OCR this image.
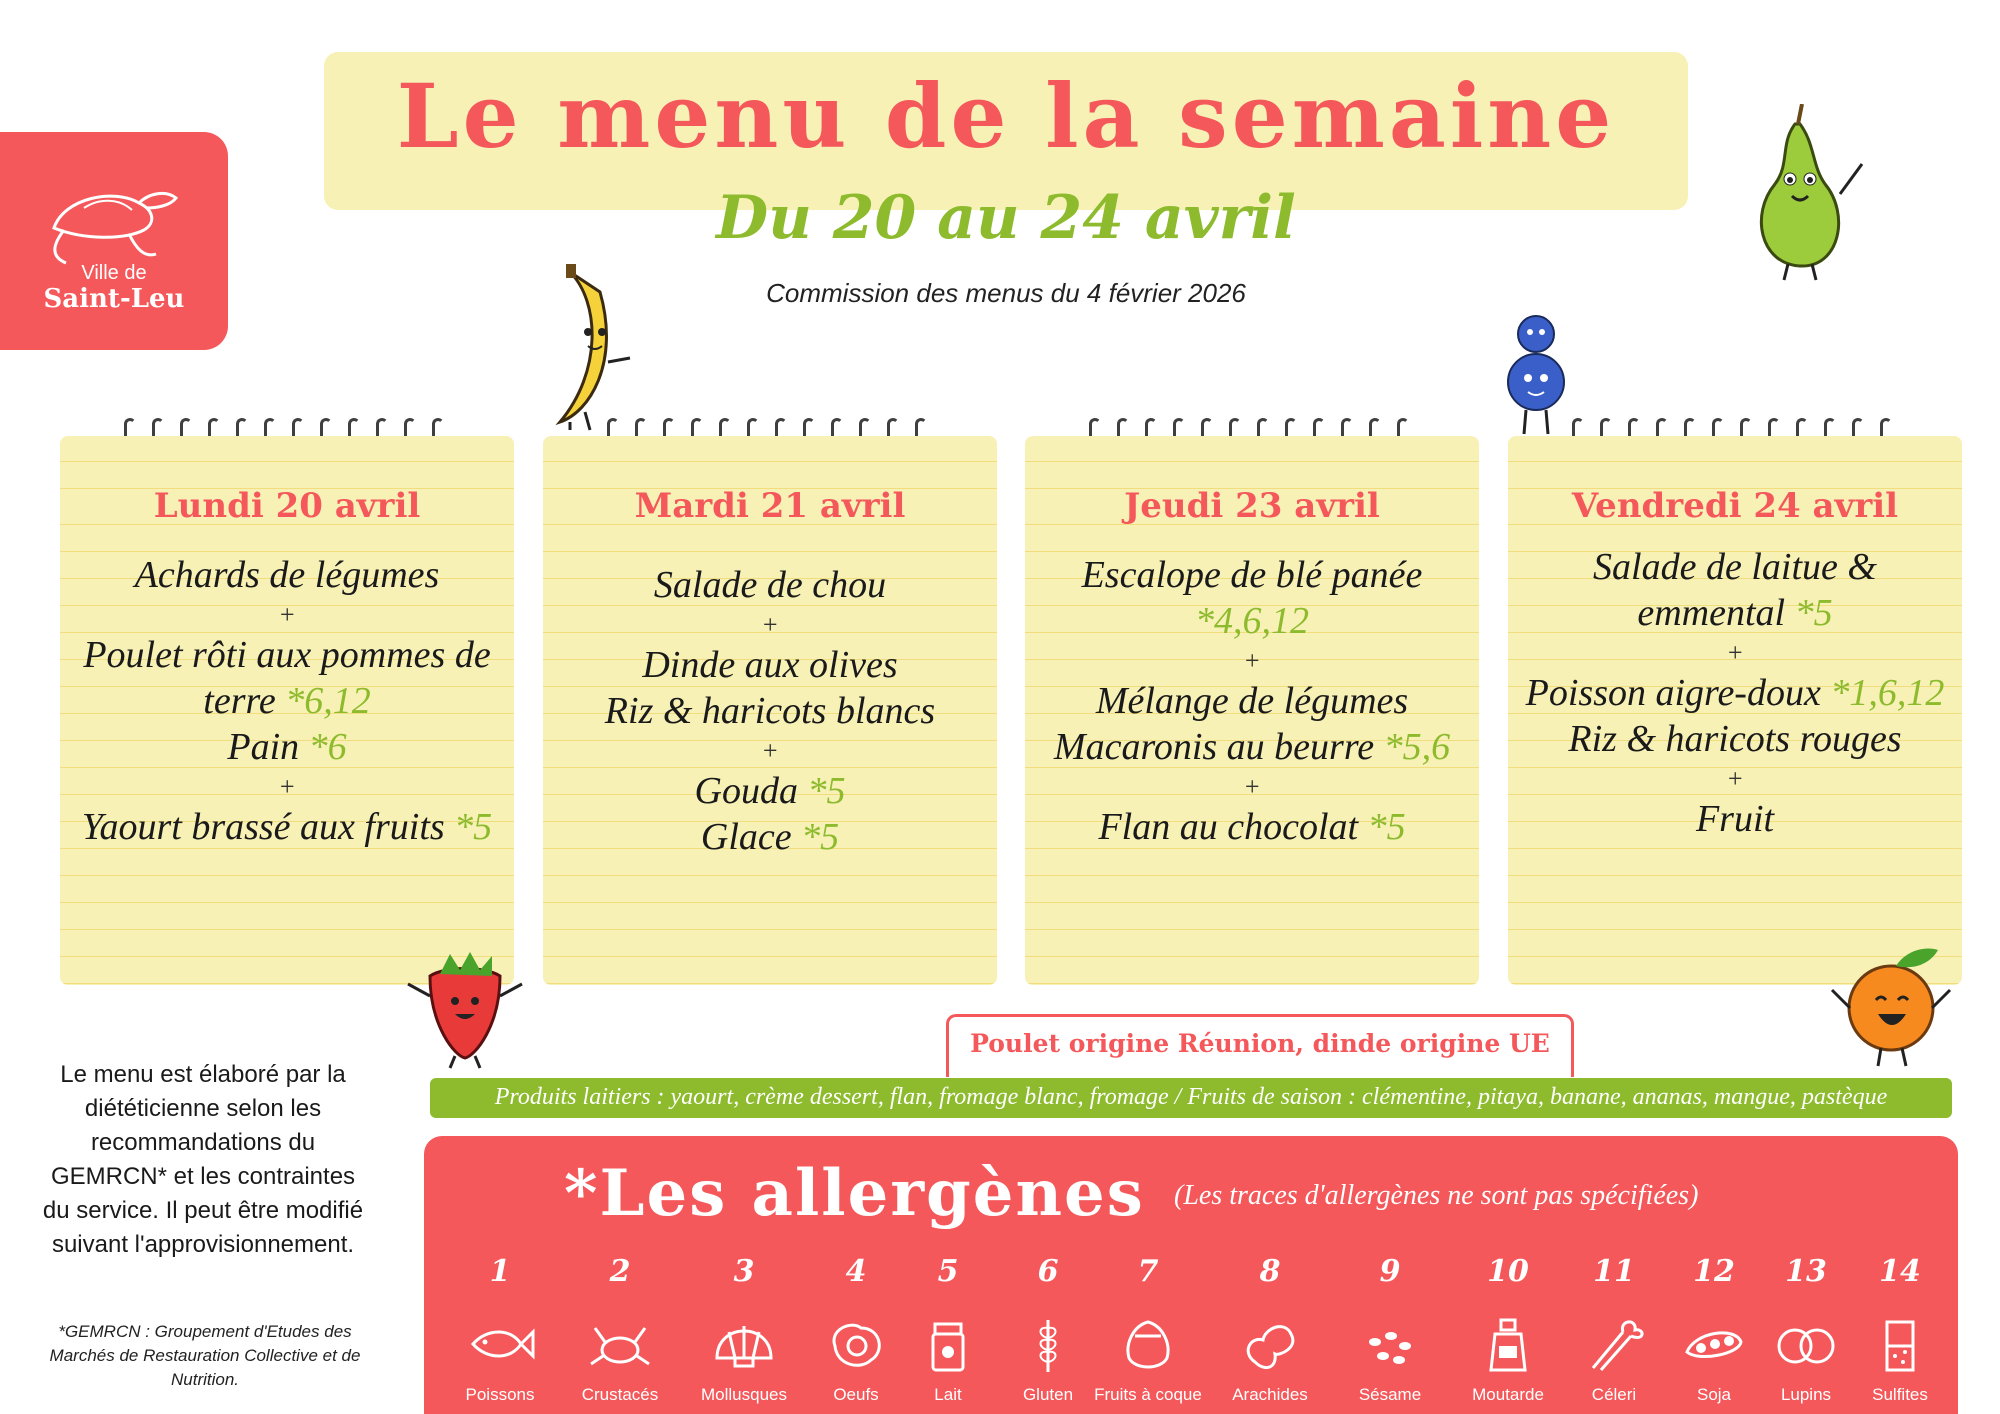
Ville de
Saint-Leu
Le menu de la semaine
Du 20 au 24 avril
Commission des menus du 4 février 2026
Lundi 20 avril
Achards de légumes
+
Poulet rôti aux pommes de terre *6,12
Pain *6
+
Yaourt brassé aux fruits *5
Mardi 21 avril
Salade de chou
+
Dinde aux olives
Riz & haricots blancs
+
Gouda *5
Glace *5
Jeudi 23 avril
Escalope de blé panée *4,6,12
+
Mélange de légumes
Macaronis au beurre *5,6
+
Flan au chocolat *5
Vendredi 24 avril
Salade de laitue & emmental *5
+
Poisson aigre-doux *1,6,12
Riz & haricots rouges
+
Fruit
Poulet origine Réunion, dinde origine UE
Produits laitiers : yaourt, crème dessert, flan, fromage blanc, fromage / Fruits de saison : clémentine, pitaya, banane, ananas, mangue, pastèque
Le menu est élaboré par la diététicienne selon les recommandations du GEMRCN* et les contraintes du service. Il peut être modifié suivant l'approvisionnement.
*GEMRCN : Groupement d'Etudes des Marchés de Restauration Collective et de Nutrition.
*Les allergènes (Les traces d'allergènes ne sont pas spécifiées)
1
Poissons
2
Crustacés
3
Mollusques
4
Oeufs
5
Lait
6
Gluten
7
Fruits à coque
8
Arachides
9
Sésame
10
Moutarde
11
Céleri
12
Soja
13
Lupins
14
Sulfites
